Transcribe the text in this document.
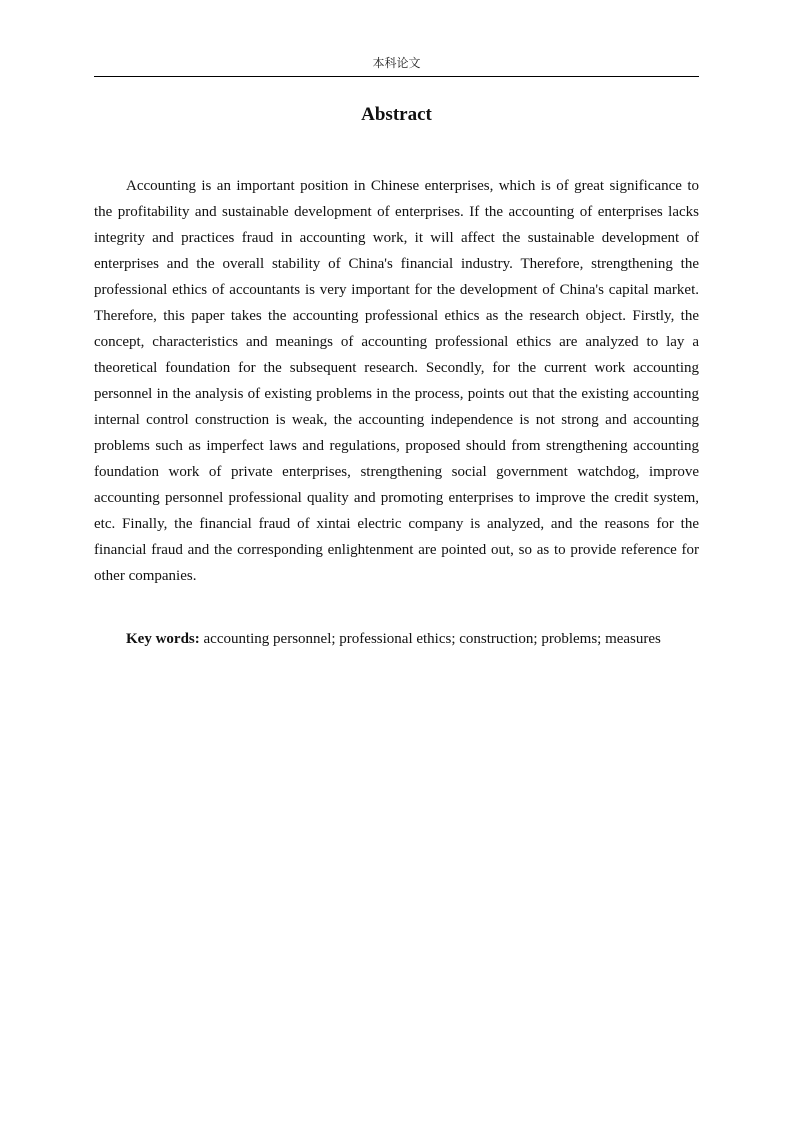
本科论文
Abstract

Accounting is an important position in Chinese enterprises, which is of great significance to the profitability and sustainable development of enterprises. If the accounting of enterprises lacks integrity and practices fraud in accounting work, it will affect the sustainable development of enterprises and the overall stability of China's financial industry. Therefore, strengthening the professional ethics of accountants is very important for the development of China's capital market. Therefore, this paper takes the accounting professional ethics as the research object. Firstly, the concept, characteristics and meanings of accounting professional ethics are analyzed to lay a theoretical foundation for the subsequent research. Secondly, for the current work accounting personnel in the analysis of existing problems in the process, points out that the existing accounting internal control construction is weak, the accounting independence is not strong and accounting problems such as imperfect laws and regulations, proposed should from strengthening accounting foundation work of private enterprises, strengthening social government watchdog, improve accounting personnel professional quality and promoting enterprises to improve the credit system, etc. Finally, the financial fraud of xintai electric company is analyzed, and the reasons for the financial fraud and the corresponding enlightenment are pointed out, so as to provide reference for other companies.

Key words: accounting personnel; professional ethics; construction; problems; measures
